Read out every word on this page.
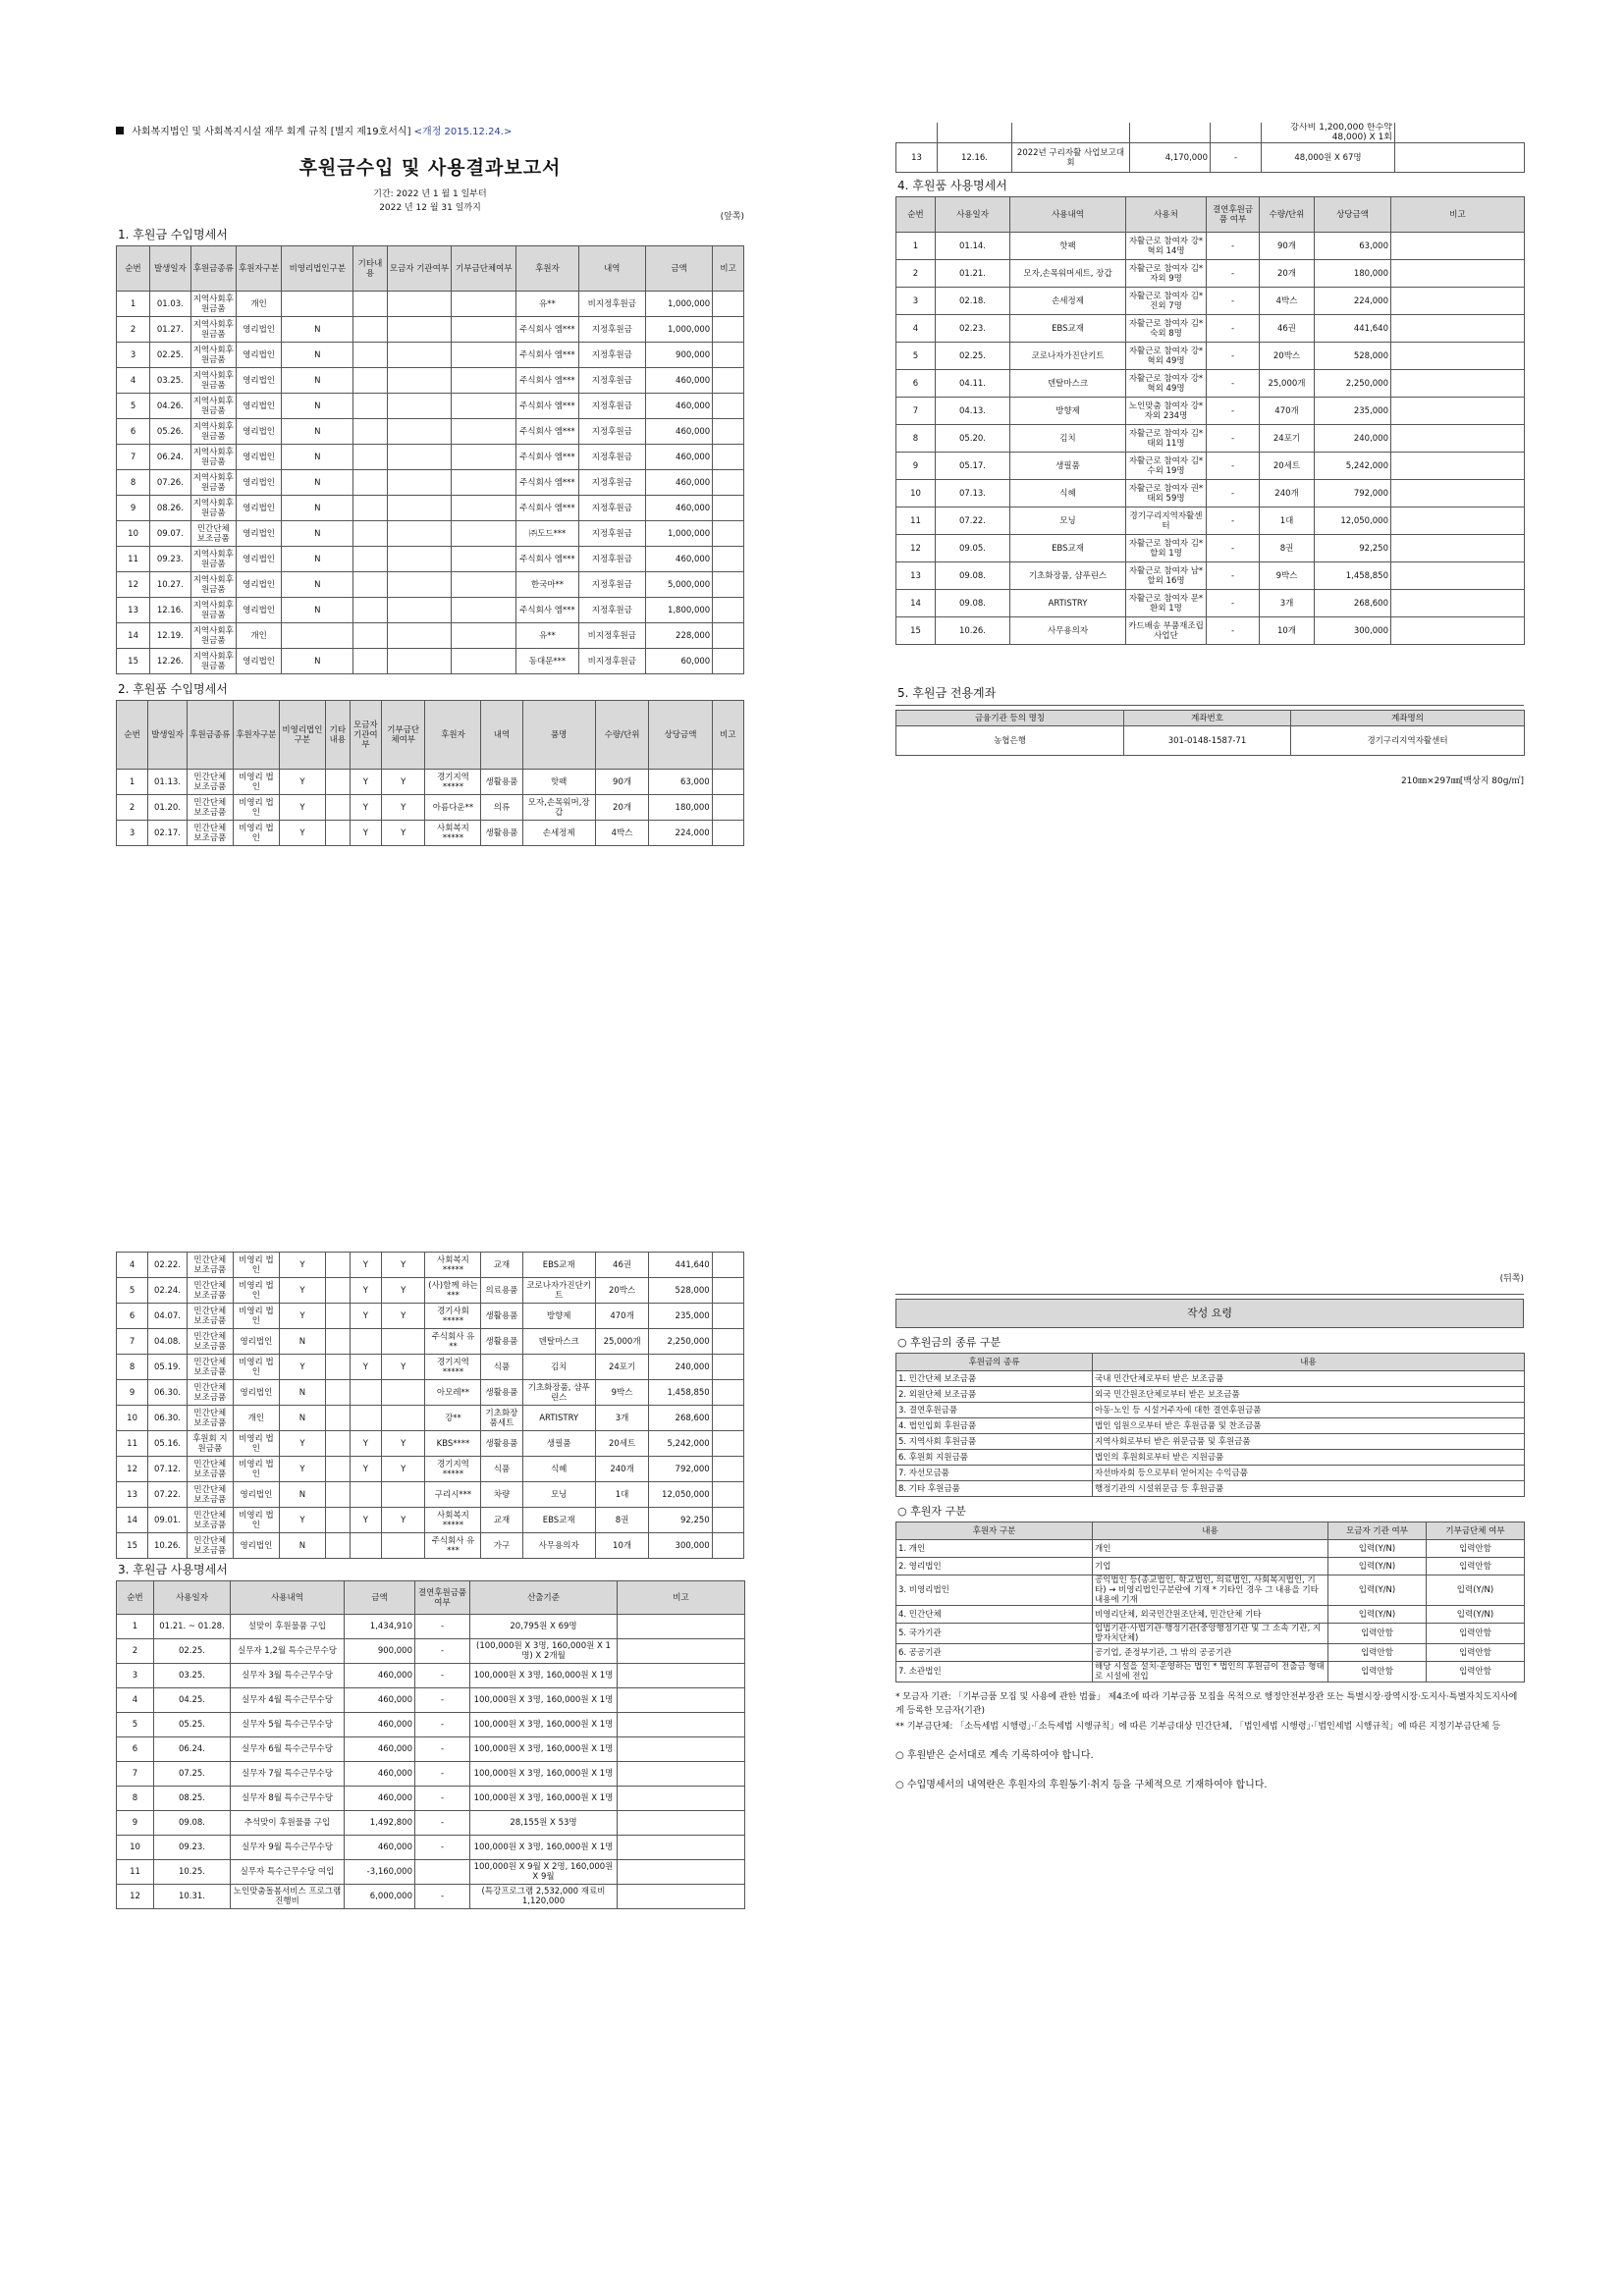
사회복지법인 및 사회복지시설 재무 회계 규칙 [별지 제19호서식] <개정 2015.12.24.>
후원금수입 및 사용결과보고서
기간: 2022 년 1 월 1 일부터
2022 년 12 월 31 일까지
(앞쪽)
1. 후원금 수입명세서
순번	발생일자	후원금종류	후원자구분	비영리법인구분	기타내용	모금자 기관여부	기부금단체여부	후원자	내역	금액	비고
1	01.03.	지역사회후원금품	개인					유**	비지정후원금	1,000,000	
2	01.27.	지역사회후원금품	영리법인	N				주식회사 엠***	지정후원금	1,000,000	
3	02.25.	지역사회후원금품	영리법인	N				주식회사 엠***	지정후원금	900,000	
4	03.25.	지역사회후원금품	영리법인	N				주식회사 엠***	지정후원금	460,000	
5	04.26.	지역사회후원금품	영리법인	N				주식회사 엠***	지정후원금	460,000	
6	05.26.	지역사회후원금품	영리법인	N				주식회사 엠***	지정후원금	460,000	
7	06.24.	지역사회후원금품	영리법인	N				주식회사 엠***	지정후원금	460,000	
8	07.26.	지역사회후원금품	영리법인	N				주식회사 엠***	지정후원금	460,000	
9	08.26.	지역사회후원금품	영리법인	N				주식회사 엠***	지정후원금	460,000	
10	09.07.	민간단체 보조금품	영리법인	N				㈜도드***	지정후원금	1,000,000	
11	09.23.	지역사회후원금품	영리법인	N				주식회사 엠***	지정후원금	460,000	
12	10.27.	지역사회후원금품	영리법인	N				한국마**	지정후원금	5,000,000	
13	12.16.	지역사회후원금품	영리법인	N				주식회사 엠***	지정후원금	1,800,000	
14	12.19.	지역사회후원금품	개인					유**	비지정후원금	228,000	
15	12.26.	지역사회후원금품	영리법인	N				동대문***	비지정후원금	60,000	
2. 후원품 수입명세서
순번	발생일자	후원금종류	후원자구분	비영리법인구분	기타내용	모금자 기관여부	기부금단체여부	후원자	내역	품명	수량/단위	상당금액	비고
1	01.13.	민간단체 보조금품	비영리 법인	Y		Y	Y	경기지역*****	생활용품	핫팩	90개	63,000	
2	01.20.	민간단체 보조금품	비영리 법인	Y		Y	Y	아름다운**	의류	모자,손목워머,장갑	20개	180,000	
3	02.17.	민간단체 보조금품	비영리 법인	Y		Y	Y	사회복지*****	생활용품	손세정제	4박스	224,000	
					강사비 1,200,000 한수약 48,000) X 1회	
13	12.16.	2022년 구리자활 사업보고대회	4,170,000	-	48,000원 X 67명	
4. 후원품 사용명세서
순번	사용일자	사용내역	사용처	결연후원금품 여부	수량/단위	상당금액	비고
1	01.14.	핫팩	자활근로 참여자 강*혁외 14명	-	90개	63,000	
2	01.21.	모자,손목워머세트, 장갑	자활근로 참여자 김*자외 9명	-	20개	180,000	
3	02.18.	손세정제	자활근로 참여자 김*진외 7명	-	4박스	224,000	
4	02.23.	EBS교재	자활근로 참여자 김*숙외 8명	-	46권	441,640	
5	02.25.	코로나자가진단키트	자활근로 참여자 강*혁외 49명	-	20박스	528,000	
6	04.11.	덴탈마스크	자활근로 참여자 강*혁외 49명	-	25,000개	2,250,000	
7	04.13.	방향제	노인맞춤 참여자 강*자외 234명	-	470개	235,000	
8	05.20.	김치	자활근로 참여자 김*태외 11명	-	24포기	240,000	
9	05.17.	생필품	자활근로 참여자 김*수외 19명	-	20세트	5,242,000	
10	07.13.	식혜	자활근로 참여자 권*태외 59명	-	240개	792,000	
11	07.22.	모닝	경기구리지역자활센터	-	1대	12,050,000	
12	09.05.	EBS교재	자활근로 참여자 김*할외 1명	-	8권	92,250	
13	09.08.	기초화장품, 샴푸린스	자활근로 참여자 남*할외 16명	-	9박스	1,458,850	
14	09.08.	ARTISTRY	자활근로 참여자 문*환외 1명	-	3개	268,600	
15	10.26.	사무용의자	카드배송 부품재조립사업단	-	10개	300,000	
5. 후원금 전용계좌
금융기관 등의 명칭	계좌번호	계좌명의
농협은행	301-0148-1587-71	경기구리지역자활센터
210㎜×297㎜[백상지 80g/㎡]
4	02.22.	민간단체 보조금품	비영리 법인	Y		Y	Y	사회복지*****	교재	EBS교재	46권	441,640	
5	02.24.	민간단체 보조금품	비영리 법인	Y		Y	Y	(사)함께 하는***	의료용품	코로나자가진단키트	20박스	528,000	
6	04.07.	민간단체 보조금품	비영리 법인	Y		Y	Y	경기사회*****	생활용품	방향제	470개	235,000	
7	04.08.	민간단체 보조금품	영리법인	N				주식회사 유**	생활용품	덴탈마스크	25,000개	2,250,000	
8	05.19.	민간단체 보조금품	비영리 법인	Y		Y	Y	경기지역*****	식품	김치	24포기	240,000	
9	06.30.	민간단체 보조금품	영리법인	N				아모레**	생활용품	기초화장품, 샴푸린스	9박스	1,458,850	
10	06.30.	민간단체 보조금품	개인	N				강**	기초화장품세트	ARTISTRY	3개	268,600	
11	05.16.	후원회 지원금품	비영리 법인	Y		Y	Y	KBS****	생활용품	생필품	20세트	5,242,000	
12	07.12.	민간단체 보조금품	비영리 법인	Y		Y	Y	경기지역*****	식품	식혜	240개	792,000	
13	07.22.	민간단체 보조금품	영리법인	N				구리시***	차량	모닝	1대	12,050,000	
14	09.01.	민간단체 보조금품	비영리 법인	Y		Y	Y	사회복지*****	교재	EBS교재	8권	92,250	
15	10.26.	민간단체 보조금품	영리법인	N				주식회사 유***	가구	사무용의자	10개	300,000	
3. 후원금 사용명세서
순번	사용일자	사용내역	금액	결연후원금품 여부	산출기준	비고
1	01.21. ~ 01.28.	설맞이 후원물품 구입	1,434,910	-	20,795원 X 69명	
2	02.25.	실무자 1,2월 특수근무수당	900,000	-	(100,000원 X 3명, 160,000원 X 1명) X 2개월	
3	03.25.	실무자 3월 특수근무수당	460,000	-	100,000원 X 3명, 160,000원 X 1명	
4	04.25.	실무자 4월 특수근무수당	460,000	-	100,000원 X 3명, 160,000원 X 1명	
5	05.25.	실무자 5월 특수근무수당	460,000	-	100,000원 X 3명, 160,000원 X 1명	
6	06.24.	실무자 6월 특수근무수당	460,000	-	100,000원 X 3명, 160,000원 X 1명	
7	07.25.	실무자 7월 특수근무수당	460,000	-	100,000원 X 3명, 160,000원 X 1명	
8	08.25.	실무자 8월 특수근무수당	460,000	-	100,000원 X 3명, 160,000원 X 1명	
9	09.08.	추석맞이 후원물품 구입	1,492,800	-	28,155원 X 53명	
10	09.23.	실무자 9월 특수근무수당	460,000	-	100,000원 X 3명, 160,000원 X 1명	
11	10.25.	실무자 특수근무수당 여입	-3,160,000		100,000원 X 9월 X 2명, 160,000원 X 9월	
12	10.31.	노인맞춤돌봄서비스 프로그램진행비	6,000,000	-	(특강프로그램 2,532,000 재료비 1,120,000	
(뒤쪽)
작성 요령
○ 후원금의 종류 구분
후원금의 종류	내용
1. 민간단체 보조금품	국내 민간단체로부터 받은 보조금품
2. 외원단체 보조금품	외국 민간원조단체로부터 받은 보조금품
3. 결연후원금품	아동·노인 등 시설거주자에 대한 결연후원금품
4. 법인입회 후원금품	법인 임원으로부터 받은 후원금품 및 찬조금품
5. 지역사회 후원금품	지역사회로부터 받은 위문금품 및 후원금품
6. 후원회 지원금품	법인의 후원회로부터 받은 지원금품
7. 자선모금품	자선바자회 등으로부터 얻어지는 수익금품
8. 기타 후원금품	행정기관의 시설위문금 등 후원금품
○ 후원자 구분
후원자 구분	내용	모금자 기관 여부	기부금단체 여부
1. 개인	개인	입력(Y/N)	입력안함
2. 영리법인	기업	입력(Y/N)	입력안함
3. 비영리법인	공익법인 등(종교법인, 학교법인, 의료법인, 사회복지법인, 기타) → 비영리법인구분란에 기재 * 기타인 경우 그 내용을 기타내용에 기재	입력(Y/N)	입력(Y/N)
4. 민간단체	비영리단체, 외국민간원조단체, 민간단체 기타	입력(Y/N)	입력(Y/N)
5. 국가기관	입법기관·사법기관·행정기관(중앙행정기관 및 그 소속 기관, 지방자치단체)	입력안함	입력안함
6. 공공기관	공기업, 준정부기관, 그 밖의 공공기관	입력안함	입력안함
7. 소관법인	해당 시설을 설치·운영하는 법인 * 법인의 후원금이 전출금 형태로 시설에 전입	입력안함	입력안함
* 모금자 기관: 「기부금품 모집 및 사용에 관한 법률」 제4조에 따라 기부금품 모집을 목적으로 행정안전부장관 또는 특별시장·광역시장·도지사·특별자치도지사에게 등록한 모금자(기관)
** 기부금단체: 「소득세법 시행령」·「소득세법 시행규칙」에 따른 기부금대상 민간단체, 「법인세법 시행령」·「법인세법 시행규칙」에 따른 지정기부금단체 등
○ 후원받은 순서대로 계속 기록하여야 합니다.
○ 수입명세서의 내역란은 후원자의 후원동기·취지 등을 구체적으로 기재하여야 합니다.
